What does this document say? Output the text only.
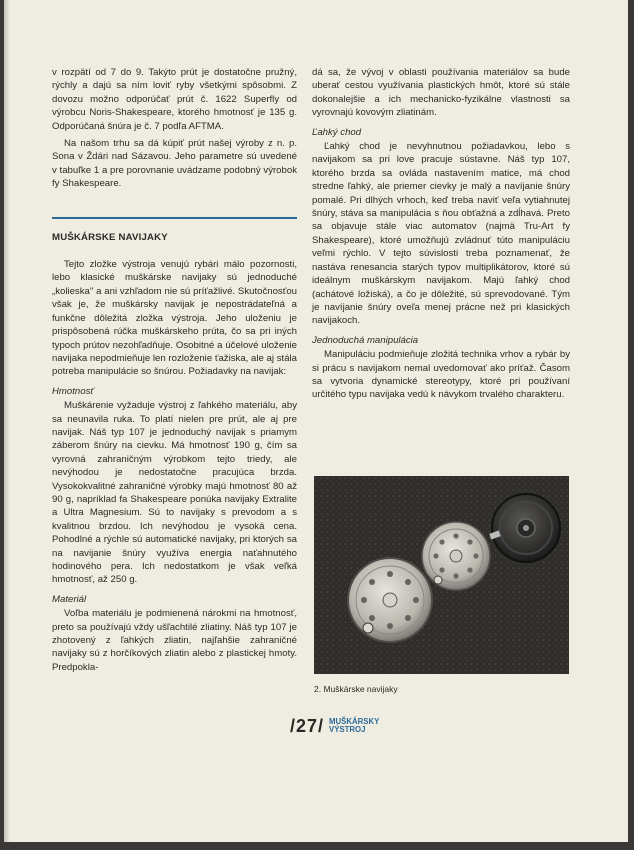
v rozpätí od 7 do 9. Takýto prút je dostatočne pružný, rýchly a dajú sa ním loviť ryby všetkými spôsobmi. Z dovozu možno odporúčať prút č. 1622 Superfly od výrobcu Noris-Shakespeare, ktorého hmotnosť je 135 g. Odporúčaná šnúra je č. 7 podľa AFTMA.

Na našom trhu sa dá kúpiť prút našej výroby z n. p. Sona v Ždári nad Sázavou. Jeho parametre sú uvedené v tabuľke 1 a pre porovnanie uvádzame podobný výrobok fy Shakespeare.

MUŠKÁRSKE NAVIJAKY

Tejto zložke výstroja venujú rybári málo pozornosti, lebo klasické muškárske navijaky sú jednoduché „kolieska" a ani vzhľadom nie sú príťažlivé. Skutočnosťou však je, že muškársky navijak je nepostrádateľná a funkčne dôležitá zložka výstroja. Jeho uloženiu je prispôsobená rúčka muškárskeho prúta, čo sa pri iných typoch prútov nezohľadňuje. Osobitné a účelové uloženie navijaka nepodmieňuje len rozloženie ťažiska, ale aj stála potreba manipulácie so šnúrou. Požiadavky na navijak:

Hmotnosť

Muškárenie vyžaduje výstroj z ľahkého materiálu, aby sa neunavila ruka. To platí nielen pre prút, ale aj pre navijak. Náš typ 107 je jednoduchý navijak s priamym záberom šnúry na cievku. Má hmotnosť 190 g, čím sa vyrovná zahraničným výrobkom tejto triedy, ale nevýhodou je nedostatočne pracujúca brzda. Vysokokvalitné zahraničné výrobky majú hmotnosť 80 až 90 g, napríklad fa Shakespeare ponúka navijaky Extralite a Ultra Magnesium. Sú to navijaky s prevodom a s kvalitnou brzdou. Ich nevýhodou je vysoká cena. Pohodlné a rýchle sú automatické navijaky, pri ktorých sa na navijanie šnúry využíva energia naťahnutého hodinového pera. Ich nedostatkom je však veľká hmotnosť, až 250 g.

Materiál

Voľba materiálu je podmienená nárokmi na hmotnosť, preto sa používajú vždy ušľachtilé zliatiny. Náš typ 107 je zhotovený z ľahkých zliatin, najľahšie zahraničné navijaky sú z horčíkových zliatin alebo z plastickej hmoty. Predpokla-

dá sa, že vývoj v oblasti používania materiálov sa bude uberať cestou využívania plastických hmôt, ktoré sú stále dokonalejšie a ich mechanicko-fyzikálne vlastnosti sa vyrovnajú kovovým zliatinám.

Ľahký chod

Ľahký chod je nevyhnutnou požiadavkou, lebo s navijakom sa pri love pracuje sústavne. Náš typ 107, ktorého brzda sa ovláda nastavením matice, má chod stredne ľahký, ale priemer cievky je malý a navíjanie šnúry pomalé. Pri dlhých vrhoch, keď treba naviť veľa vytiahnutej šnúry, stáva sa manipulácia s ňou obťažná a zdĺhavá. Preto sa objavuje stále viac automatov (najmä Tru-Art fy Shakespeare), ktoré umožňujú zvládnuť túto manipuláciu veľmi rýchlo. V tejto súvislosti treba poznamenať, že nastáva renesancia starých typov multiplikátorov, ktoré sú ideálnym muškárskym navijakom. Majú ľahký chod (achátové ložiská), a čo je dôležité, sú sprevodované. Tým je navíjanie šnúry oveľa menej prácne než pri klasických navijakoch.

Jednoduchá manipulácia

Manipuláciu podmieňuje zložitá technika vrhov a rybár by si prácu s navijakom nemal uvedomovať ako príťaž. Časom sa vytvoria dynamické stereotypy, ktoré pri používaní určitého typu navijaka vedú k návykom trvalého charakteru.

2. Muškárske navijaky
/27/ MUŠKÁRSKY
VÝSTROJ
